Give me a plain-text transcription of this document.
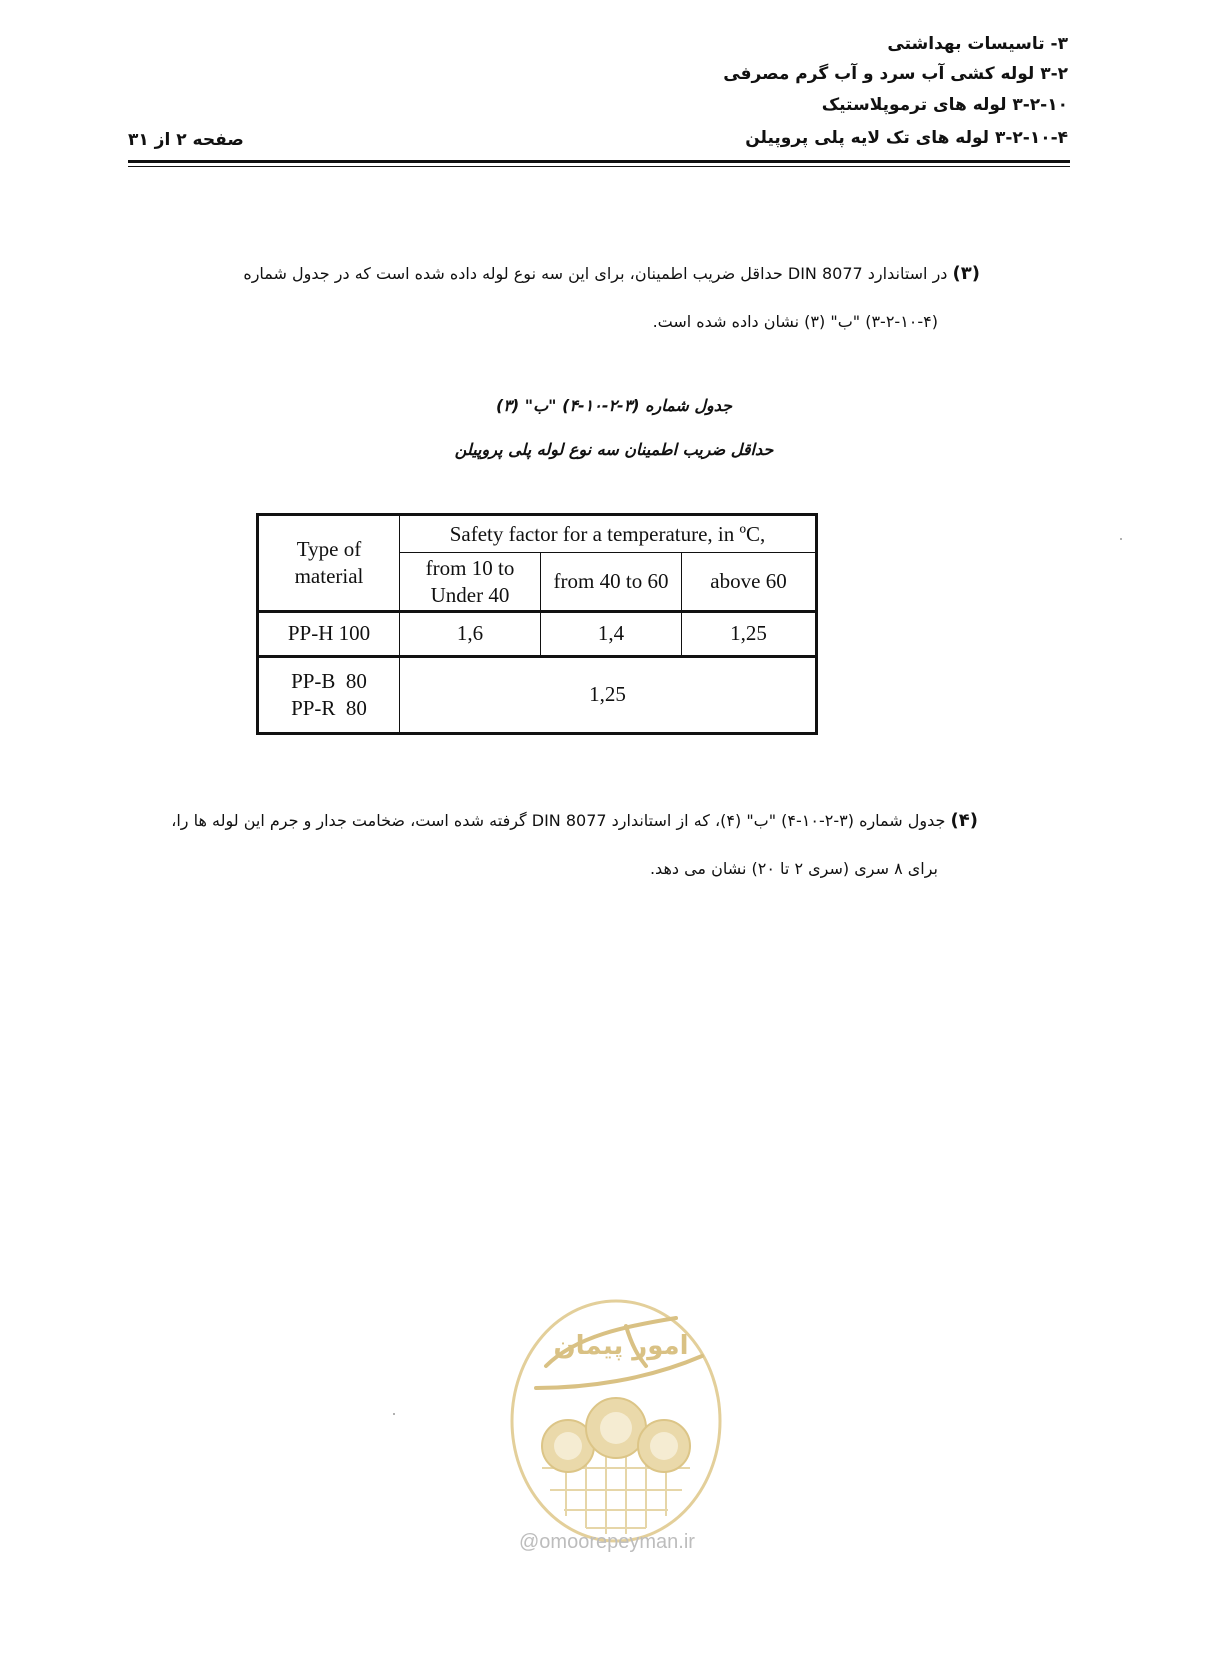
۳- تاسیسات بهداشتی
۳-۲ لوله کشی آب سرد و آب گرم مصرفی
۳-۲-۱۰ لوله های ترموپلاستیک
۳-۲-۱۰-۴ لوله های تک لایه پلی پروپیلن
صفحه ۲ از ۳۱
(۳) در استاندارد DIN 8077 حداقل ضریب اطمینان، برای این سه نوع لوله داده شده است که در جدول شماره
(۳-۲-۱۰-۴) "ب" (۳) نشان داده شده است.
جدول شماره (۳-۲-۱۰-۴) "ب" (۳)
حداقل ضریب اطمینان سه نوع لوله پلی پروپیلن
Type of material	Safety factor for a temperature, in ºC,		
	from 10 to Under 40	from 40 to 60	above 60
PP-H 100	1,6	1,4	1,25

PP-B  80
PP-R  80	1,25		
(۴) جدول شماره (۳-۲-۱۰-۴) "ب" (۴)، که از استاندارد DIN 8077 گرفته شده است، ضخامت جدار و جرم این لوله ها را،
برای ۸ سری (سری ۲ تا ۲۰) نشان می دهد.
امور پیمان
@omoorepeyman.ir
